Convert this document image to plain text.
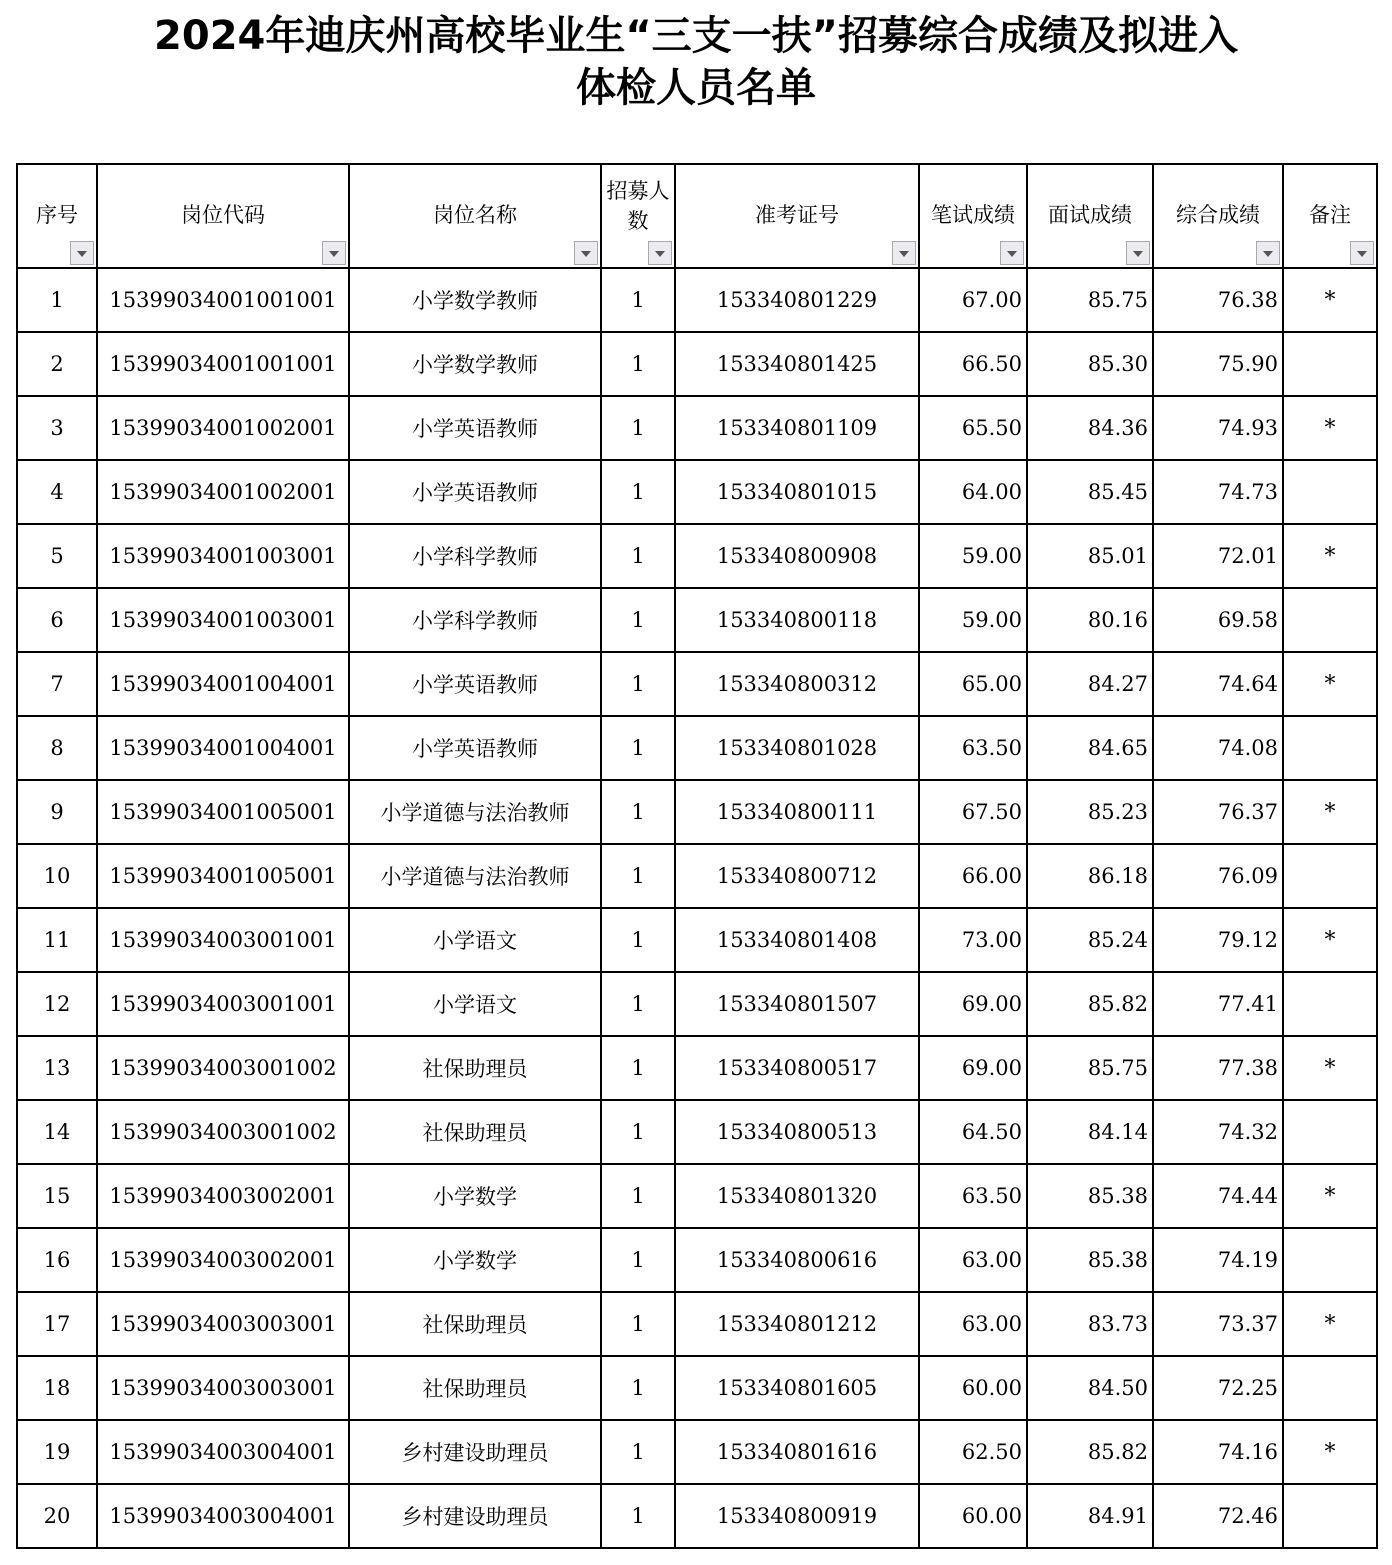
2024年迪庆州高校毕业生“三支一扶”招募综合成绩及拟进入
体检人员名单
序号	岗位代码	岗位名称	招募人数	准考证号	笔试成绩	面试成绩	综合成绩	备注

1	15399034001001001	小学数学教师	1	153340801229	67.00	85.75	76.38	*
2	15399034001001001	小学数学教师	1	153340801425	66.50	85.30	75.90	
3	15399034001002001	小学英语教师	1	153340801109	65.50	84.36	74.93	*
4	15399034001002001	小学英语教师	1	153340801015	64.00	85.45	74.73	
5	15399034001003001	小学科学教师	1	153340800908	59.00	85.01	72.01	*
6	15399034001003001	小学科学教师	1	153340800118	59.00	80.16	69.58	
7	15399034001004001	小学英语教师	1	153340800312	65.00	84.27	74.64	*
8	15399034001004001	小学英语教师	1	153340801028	63.50	84.65	74.08	
9	15399034001005001	小学道德与法治教师	1	153340800111	67.50	85.23	76.37	*
10	15399034001005001	小学道德与法治教师	1	153340800712	66.00	86.18	76.09	
11	15399034003001001	小学语文	1	153340801408	73.00	85.24	79.12	*
12	15399034003001001	小学语文	1	153340801507	69.00	85.82	77.41	
13	15399034003001002	社保助理员	1	153340800517	69.00	85.75	77.38	*
14	15399034003001002	社保助理员	1	153340800513	64.50	84.14	74.32	
15	15399034003002001	小学数学	1	153340801320	63.50	85.38	74.44	*
16	15399034003002001	小学数学	1	153340800616	63.00	85.38	74.19	
17	15399034003003001	社保助理员	1	153340801212	63.00	83.73	73.37	*
18	15399034003003001	社保助理员	1	153340801605	60.00	84.50	72.25	
19	15399034003004001	乡村建设助理员	1	153340801616	62.50	85.82	74.16	*
20	15399034003004001	乡村建设助理员	1	153340800919	60.00	84.91	72.46	
